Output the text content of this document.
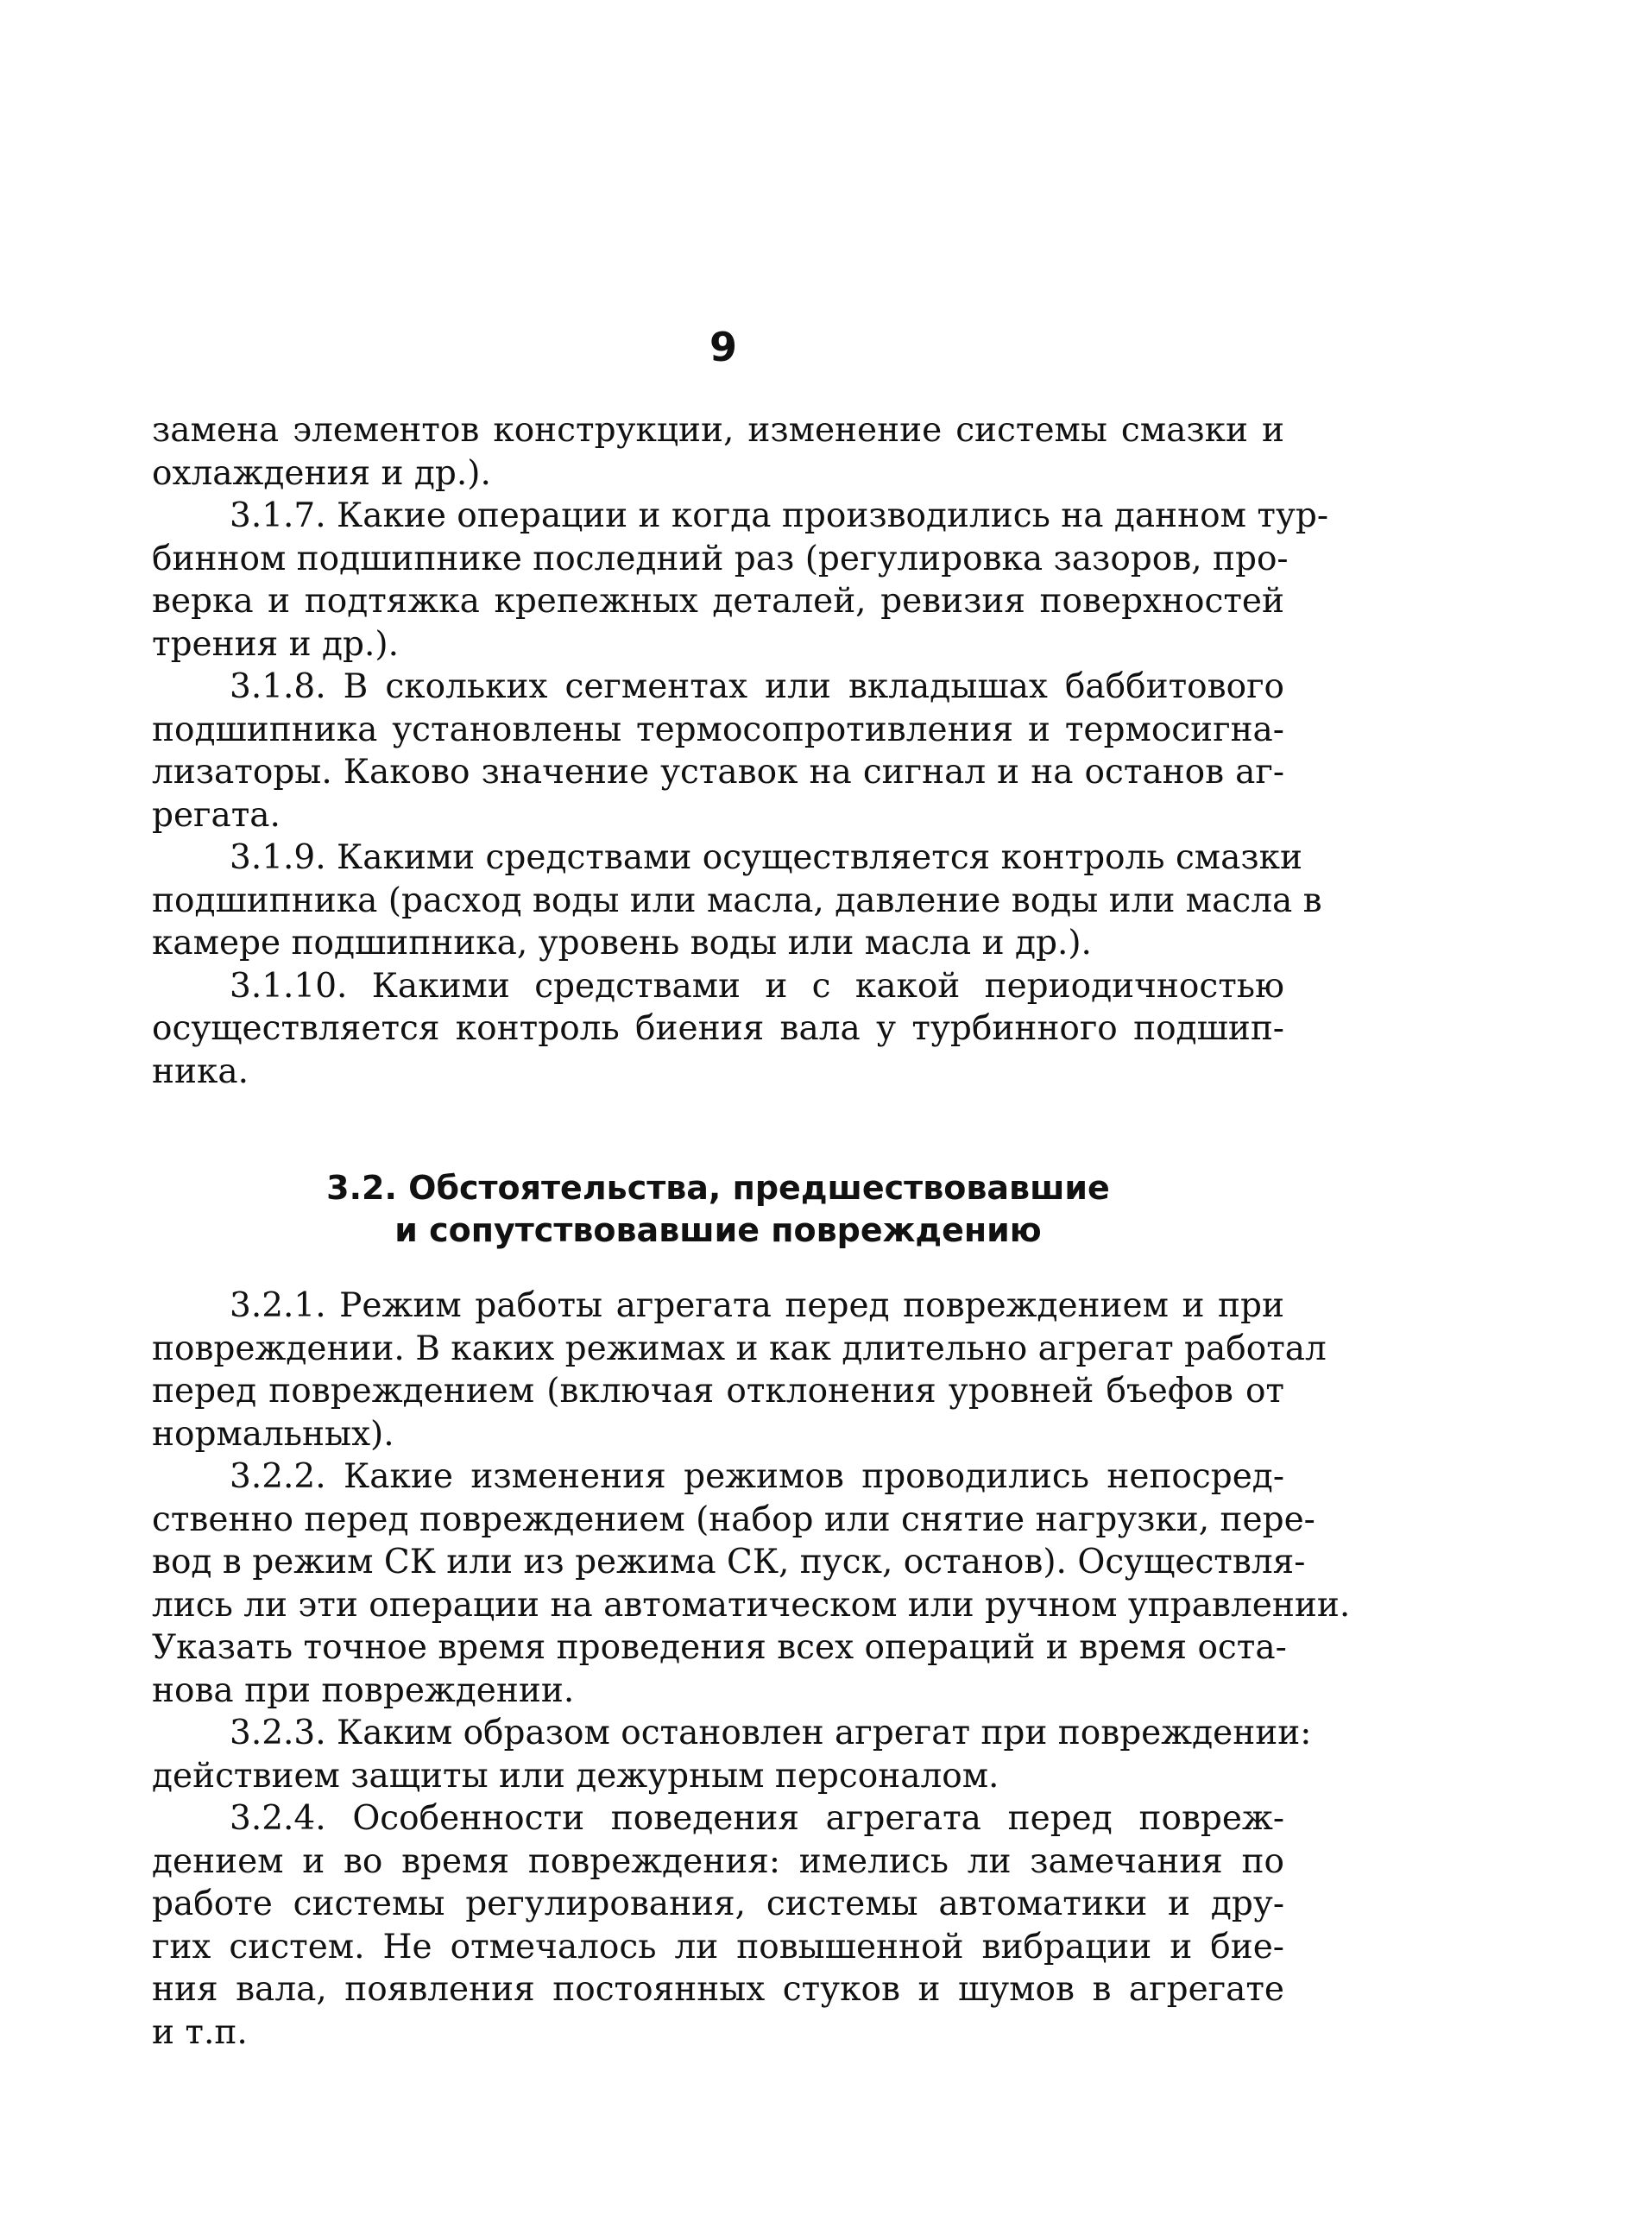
9
замена элементов конструкции, изменение системы смазки и
охлаждения и др.).
3.1.7. Какие операции и когда производились на данном тур-
бинном подшипнике последний раз (регулировка зазоров, про-
верка и подтяжка крепежных деталей, ревизия поверхностей
трения и др.).
3.1.8. В скольких сегментах или вкладышах баббитового
подшипника установлены термосопротивления и термосигна-
лизаторы. Каково значение уставок на сигнал и на останов аг-
регата.
3.1.9. Какими средствами осуществляется контроль смазки
подшипника (расход воды или масла, давление воды или масла в
камере подшипника, уровень воды или масла и др.).
3.1.10. Какими средствами и с какой периодичностью
осуществляется контроль биения вала у турбинного подшип-
ника.
3.2. Обстоятельства, предшествовавшие
и сопутствовавшие повреждению
3.2.1. Режим работы агрегата перед повреждением и при
повреждении. В каких режимах и как длительно агрегат работал
перед повреждением (включая отклонения уровней бъефов от
нормальных).
3.2.2. Какие изменения режимов проводились непосред-
ственно перед повреждением (набор или снятие нагрузки, пере-
вод в режим СК или из режима СК, пуск, останов). Осуществля-
лись ли эти операции на автоматическом или ручном управлении.
Указать точное время проведения всех операций и время оста-
нова при повреждении.
3.2.3. Каким образом остановлен агрегат при повреждении:
действием защиты или дежурным персоналом.
3.2.4. Особенности поведения агрегата перед повреж-
дением и во время повреждения: имелись ли замечания по
работе системы регулирования, системы автоматики и дру-
гих систем. Не отмечалось ли повышенной вибрации и бие-
ния вала, появления постоянных стуков и шумов в агрегате
и т.п.
